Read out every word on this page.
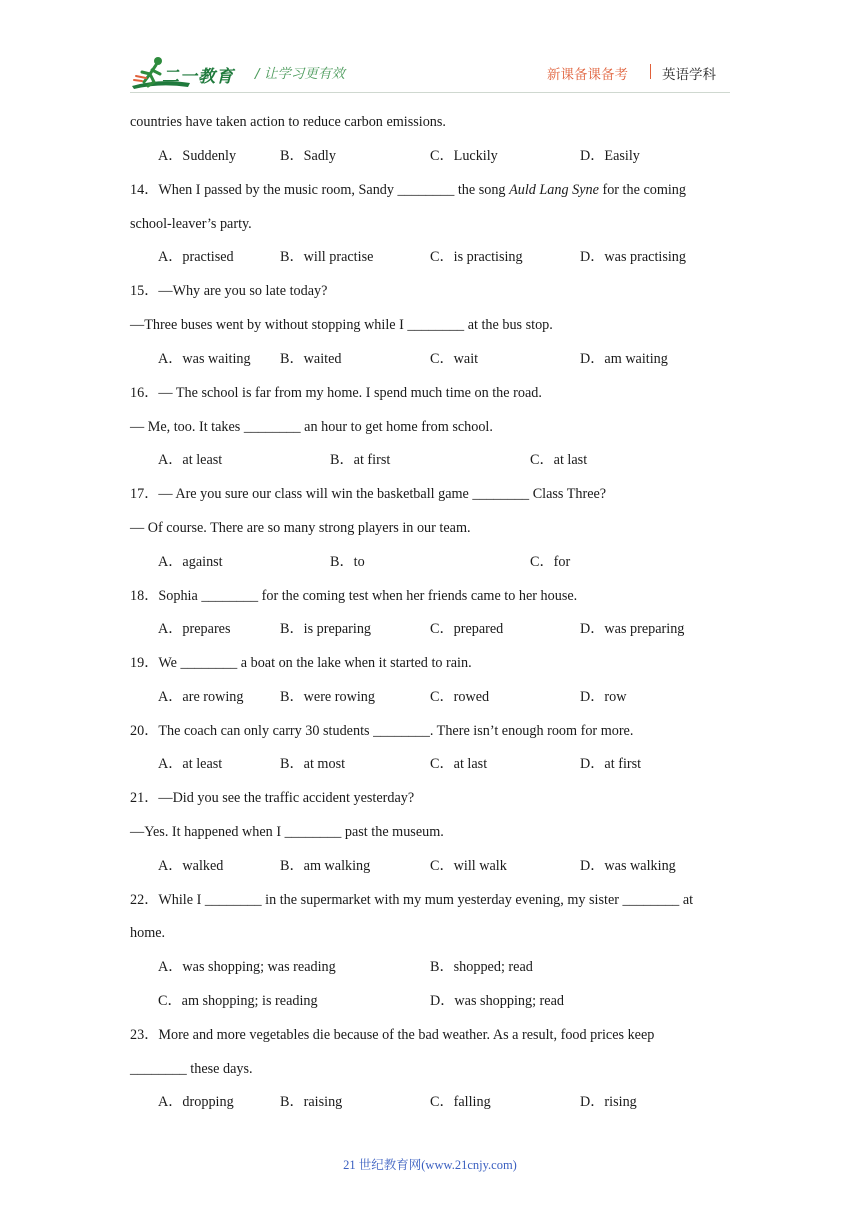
二一教育 / 让学习更有效	新课备课备考	英语学科
countries have taken action to reduce carbon emissions.
A．Suddenly	B．Sadly	C．Luckily	D．Easily
14．When I passed by the music room, Sandy ________ the song Auld Lang Syne for the coming
school-leaver’s party.
A．practised	B．will practise	C．is practising	D．was practising
15．—Why are you so late today?
—Three buses went by without stopping while I ________ at the bus stop.
A．was waiting B．waited	C．wait	D．am waiting
16．— The school is far from my home. I spend much time on the road.
— Me, too. It takes ________ an hour to get home from school.
A．at least	B．at first	C．at last
17．— Are you sure our class will win the basketball game ________ Class Three?
— Of course. There are so many strong players in our team.
A．against	B．to	C．for
18．Sophia ________ for the coming test when her friends came to her house.
A．prepares	B．is preparing	C．prepared	D．was preparing
19．We ________ a boat on the lake when it started to rain.
A．are rowing	B．were rowing	C．rowed	D．row
20．The coach can only carry 30 students ________. There isn’t enough room for more.
A．at least	B．at most	C．at last	D．at first
21．—Did you see the traffic accident yesterday?
—Yes. It happened when I ________ past the museum.
A．walked	B．am walking	C．will walk	D．was walking
22．While I ________ in the supermarket with my mum yesterday evening, my sister ________ at
home.
A．was shopping; was reading	B．shopped; read
C．am shopping; is reading	D．was shopping; read
23．More and more vegetables die because of the bad weather. As a result, food prices keep
________ these days.
A．dropping	B．raising	C．falling	D．rising
21 世纪教育网(www.21cnjy.com)
